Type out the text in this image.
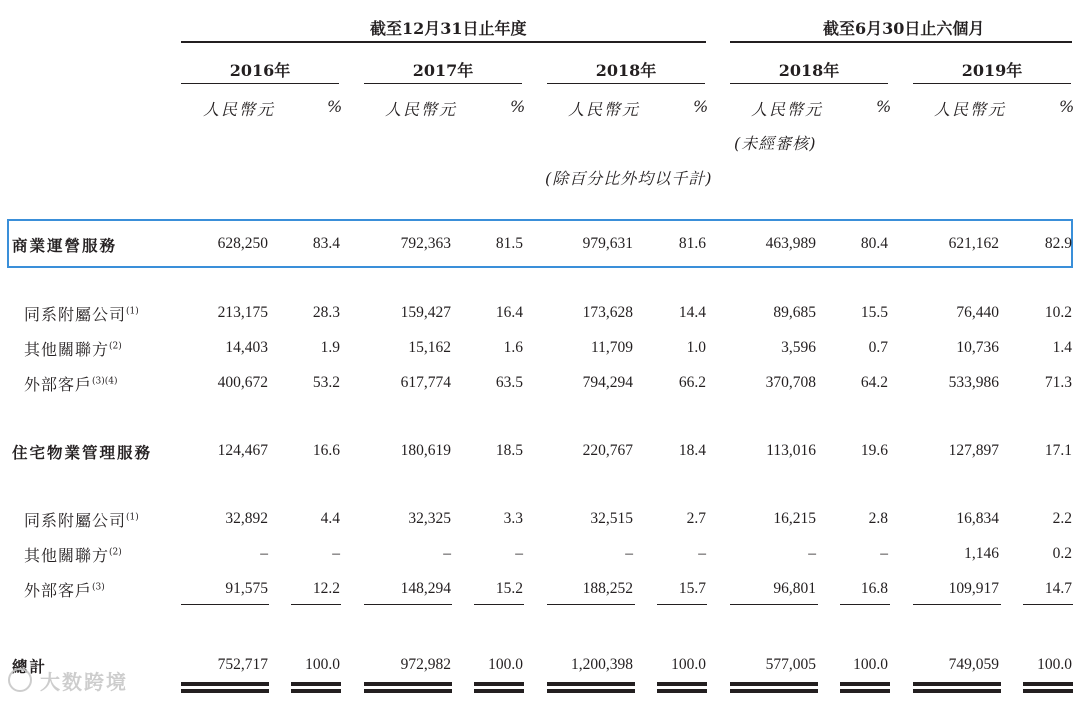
截至12月31日止年度	截至6月30日止六個月
2016年	2017年	2018年	2018年	2019年
人民幣元	%	人民幣元	%	人民幣元	%	人民幣元	%	人民幣元	%
(未經審核)
(除百分比外均以千計)
商業運營服務	628,250	83.4	792,363	81.5	979,631	81.6	463,989	80.4	621,162	82.9
同系附屬公司$^{(1)}$	213,175	28.3	159,427	16.4	173,628	14.4	89,685	15.5	76,440	10.2
其他關聯方$^{(2)}$	14,403	1.9	15,162	1.6	11,709	1.0	3,596	0.7	10,736	1.4
外部客戶$^{(3)(4)}$	400,672	53.2	617,774	63.5	794,294	66.2	370,708	64.2	533,986	71.3
住宅物業管理服務	124,467	16.6	180,619	18.5	220,767	18.4	113,016	19.6	127,897	17.1
同系附屬公司$^{(1)}$	32,892	4.4	32,325	3.3	32,515	2.7	16,215	2.8	16,834	2.2
其他關聯方$^{(2)}$	–	–	–	–	–	–	–	–	1,146	0.2
外部客戶$^{(3)}$	91,575	12.2	148,294	15.2	188,252	15.7	96,801	16.8	109,917	14.7
總計	752,717	100.0	972,982	100.0	1,200,398	100.0	577,005	100.0	749,059	100.0
大数跨境
